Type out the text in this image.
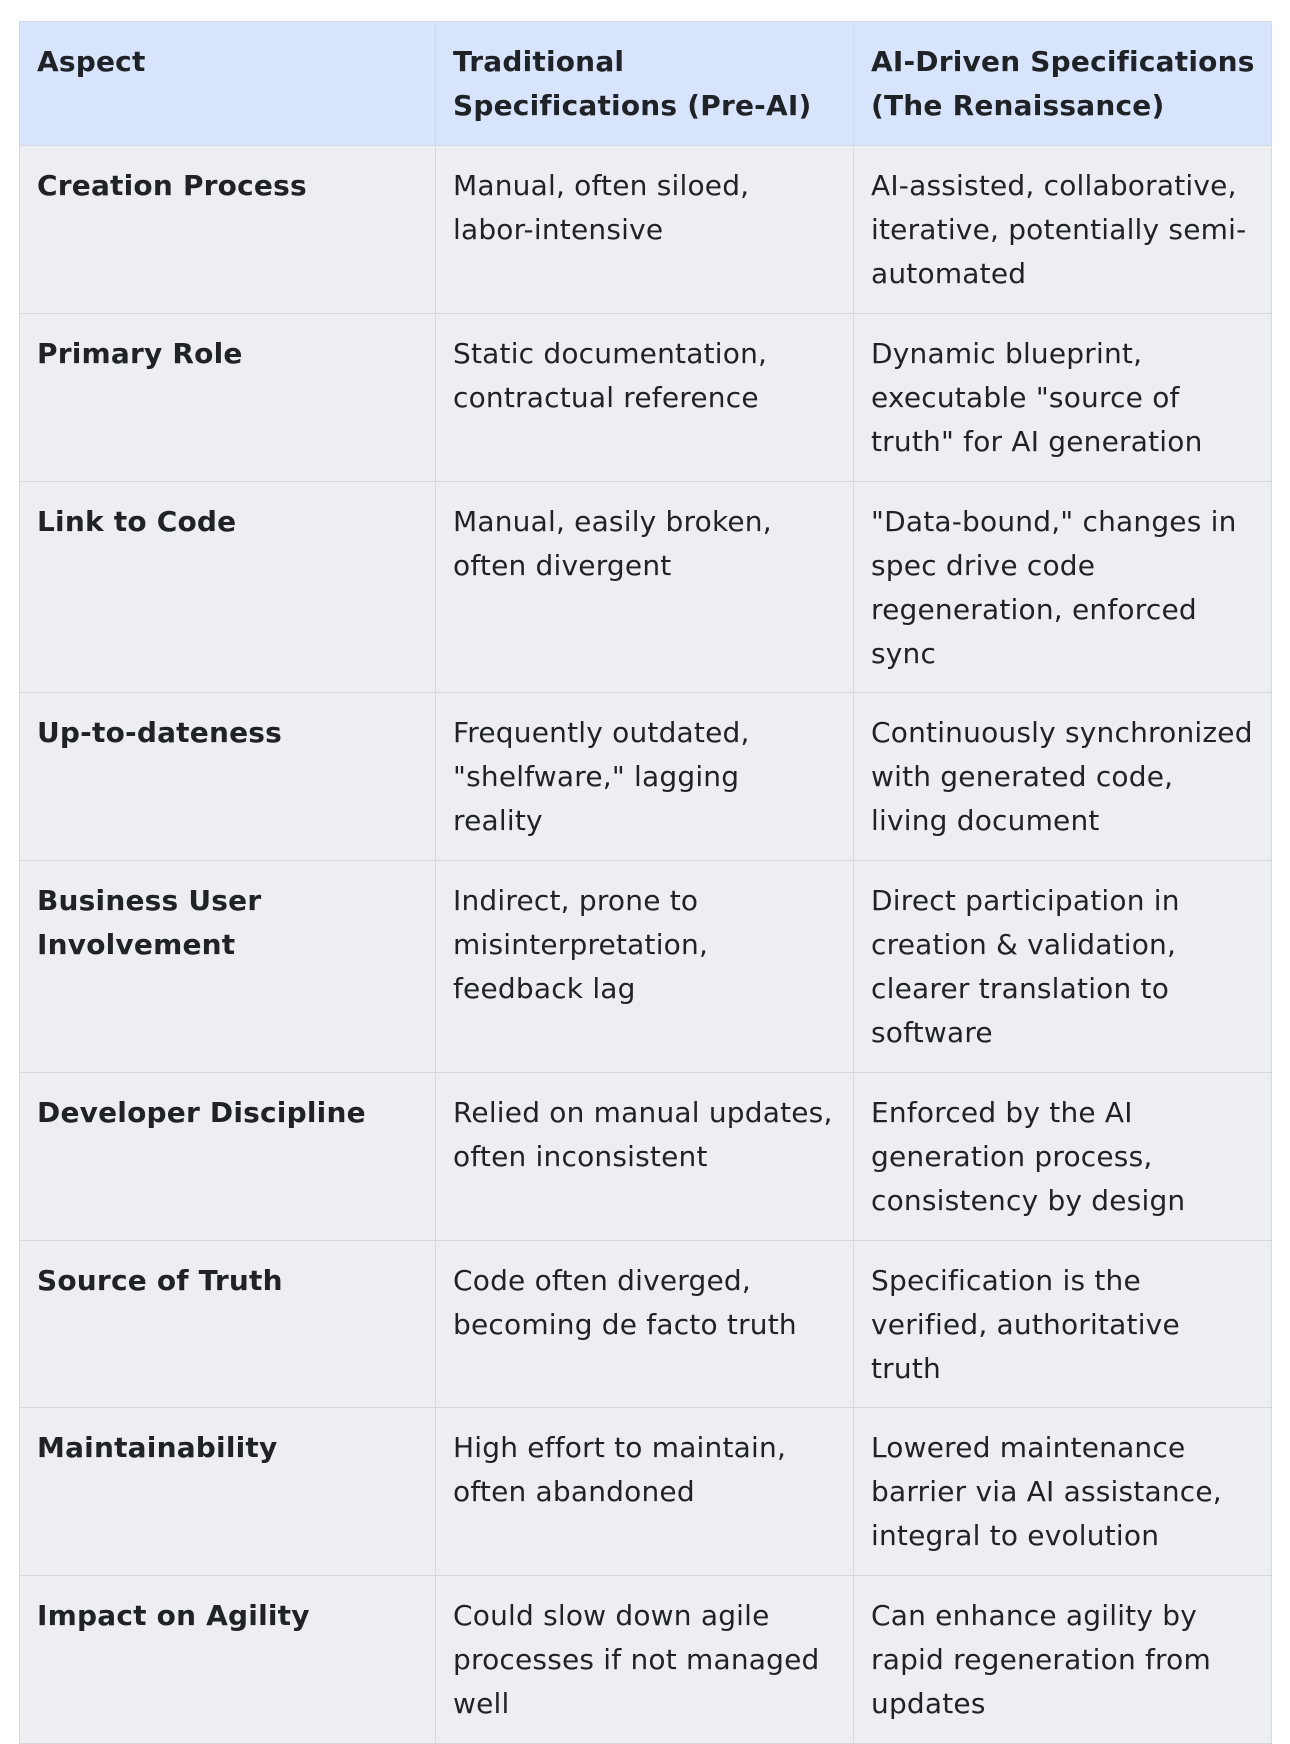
Aspect	Traditional Specifications (Pre-AI)	AI-Driven Specifications (The Renaissance)
Creation Process	Manual, often siloed, labor-intensive	AI-assisted, collaborative, iterative, potentially semi-automated
Primary Role	Static documentation, contractual reference	Dynamic blueprint, executable "source of truth" for AI generation
Link to Code	Manual, easily broken, often divergent	"Data-bound," changes in spec drive code regeneration, enforced sync
Up-to-dateness	Frequently outdated, "shelfware," lagging reality	Continuously synchronized with generated code, living document
Business User Involvement	Indirect, prone to misinterpretation, feedback lag	Direct participation in creation & validation, clearer translation to software
Developer Discipline	Relied on manual updates, often inconsistent	Enforced by the AI generation process, consistency by design
Source of Truth	Code often diverged, becoming de facto truth	Specification is the verified, authoritative truth
Maintainability	High effort to maintain, often abandoned	Lowered maintenance barrier via AI assistance, integral to evolution
Impact on Agility	Could slow down agile processes if not managed well	Can enhance agility by rapid regeneration from updates
